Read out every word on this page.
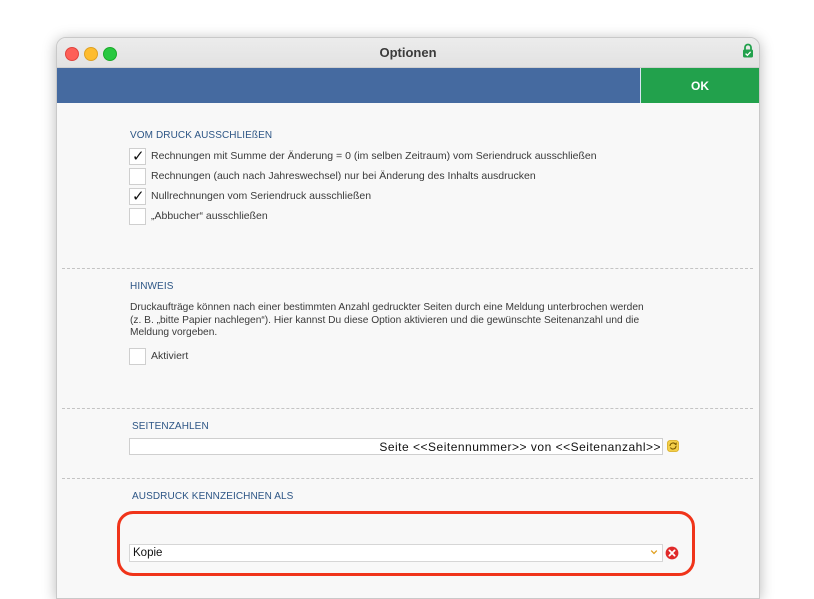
Optionen
OK
VOM DRUCK AUSSCHLIEßEN
✓ Rechnungen mit Summe der Änderung = 0 (im selben Zeitraum) vom Seriendruck ausschließen
Rechnungen (auch nach Jahreswechsel) nur bei Änderung des Inhalts ausdrucken
✓ Nullrechnungen vom Seriendruck ausschließen
„Abbucher“ ausschließen
HINWEIS
Druckaufträge können nach einer bestimmten Anzahl gedruckter Seiten durch eine Meldung unterbrochen werden (z. B. „bitte Papier nachlegen“). Hier kannst Du diese Option aktivieren und die gewünschte Seitenanzahl und die Meldung vorgeben.
Aktiviert
SEITENZAHLEN
Seite <<Seitennummer>> von <<Seitenanzahl>>
AUSDRUCK KENNZEICHNEN ALS
Kopie
